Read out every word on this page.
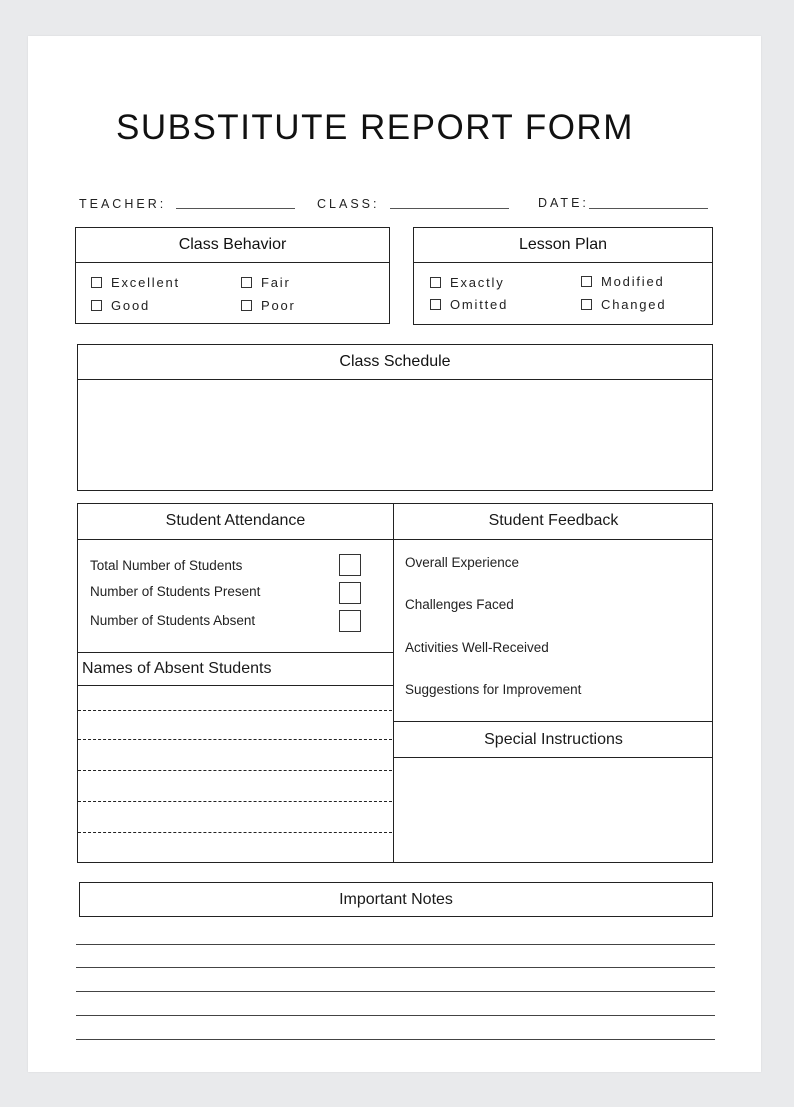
SUBSTITUTE REPORT FORM
TEACHER:	CLASS:	DATE:
Class Behavior
Excellent	Fair
Good	Poor
Lesson Plan
Exactly	Modified
Omitted	Changed
Class Schedule
Student Attendance
Total Number of Students
Number of Students Present
Number of Students Absent
Names of Absent Students
Student Feedback
Overall Experience
Challenges Faced
Activities Well-Received
Suggestions for Improvement
Special Instructions
Important Notes
